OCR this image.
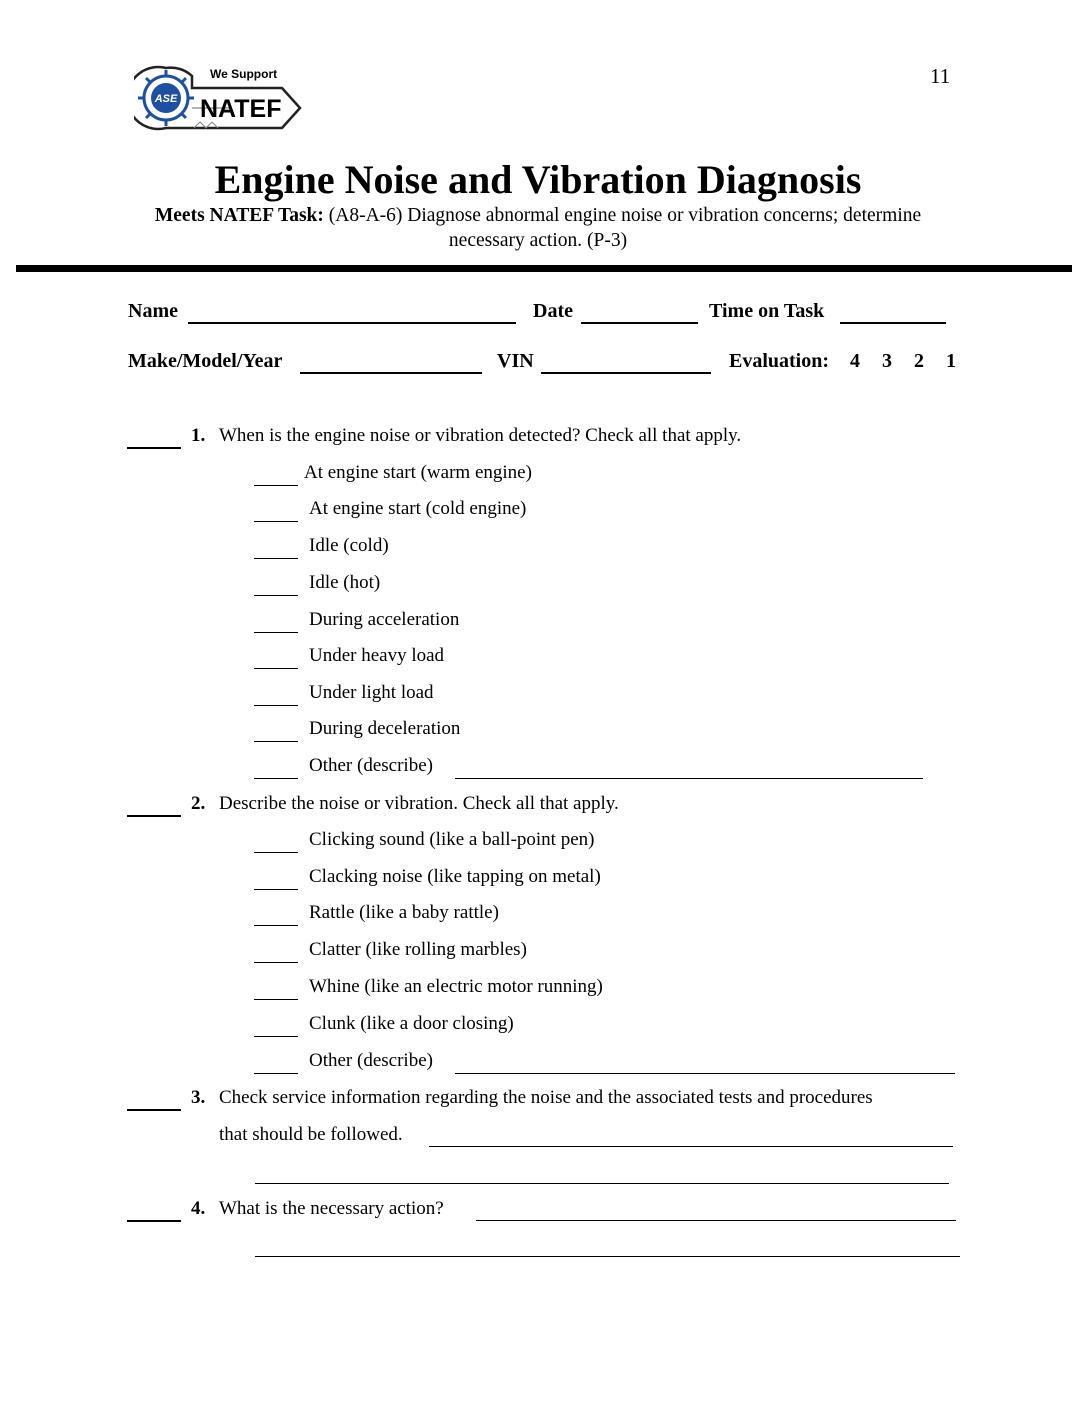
11
ASE
We Support
NATEF
Engine Noise and Vibration Diagnosis
Meets NATEF Task: (A8-A-6) Diagnose abnormal engine noise or vibration concerns; determine
necessary action. (P-3)
Name	Date	Time on Task
Make/Model/Year	VIN	Evaluation: 4 3 2 1
1. When is the engine noise or vibration detected? Check all that apply.
At engine start (warm engine)
At engine start (cold engine)
Idle (cold)
Idle (hot)
During acceleration
Under heavy load
Under light load
During deceleration
Other (describe)
2. Describe the noise or vibration. Check all that apply.
Clicking sound (like a ball-point pen)
Clacking noise (like tapping on metal)
Rattle (like a baby rattle)
Clatter (like rolling marbles)
Whine (like an electric motor running)
Clunk (like a door closing)
Other (describe)
3. Check service information regarding the noise and the associated tests and procedures
that should be followed.
4. What is the necessary action?
